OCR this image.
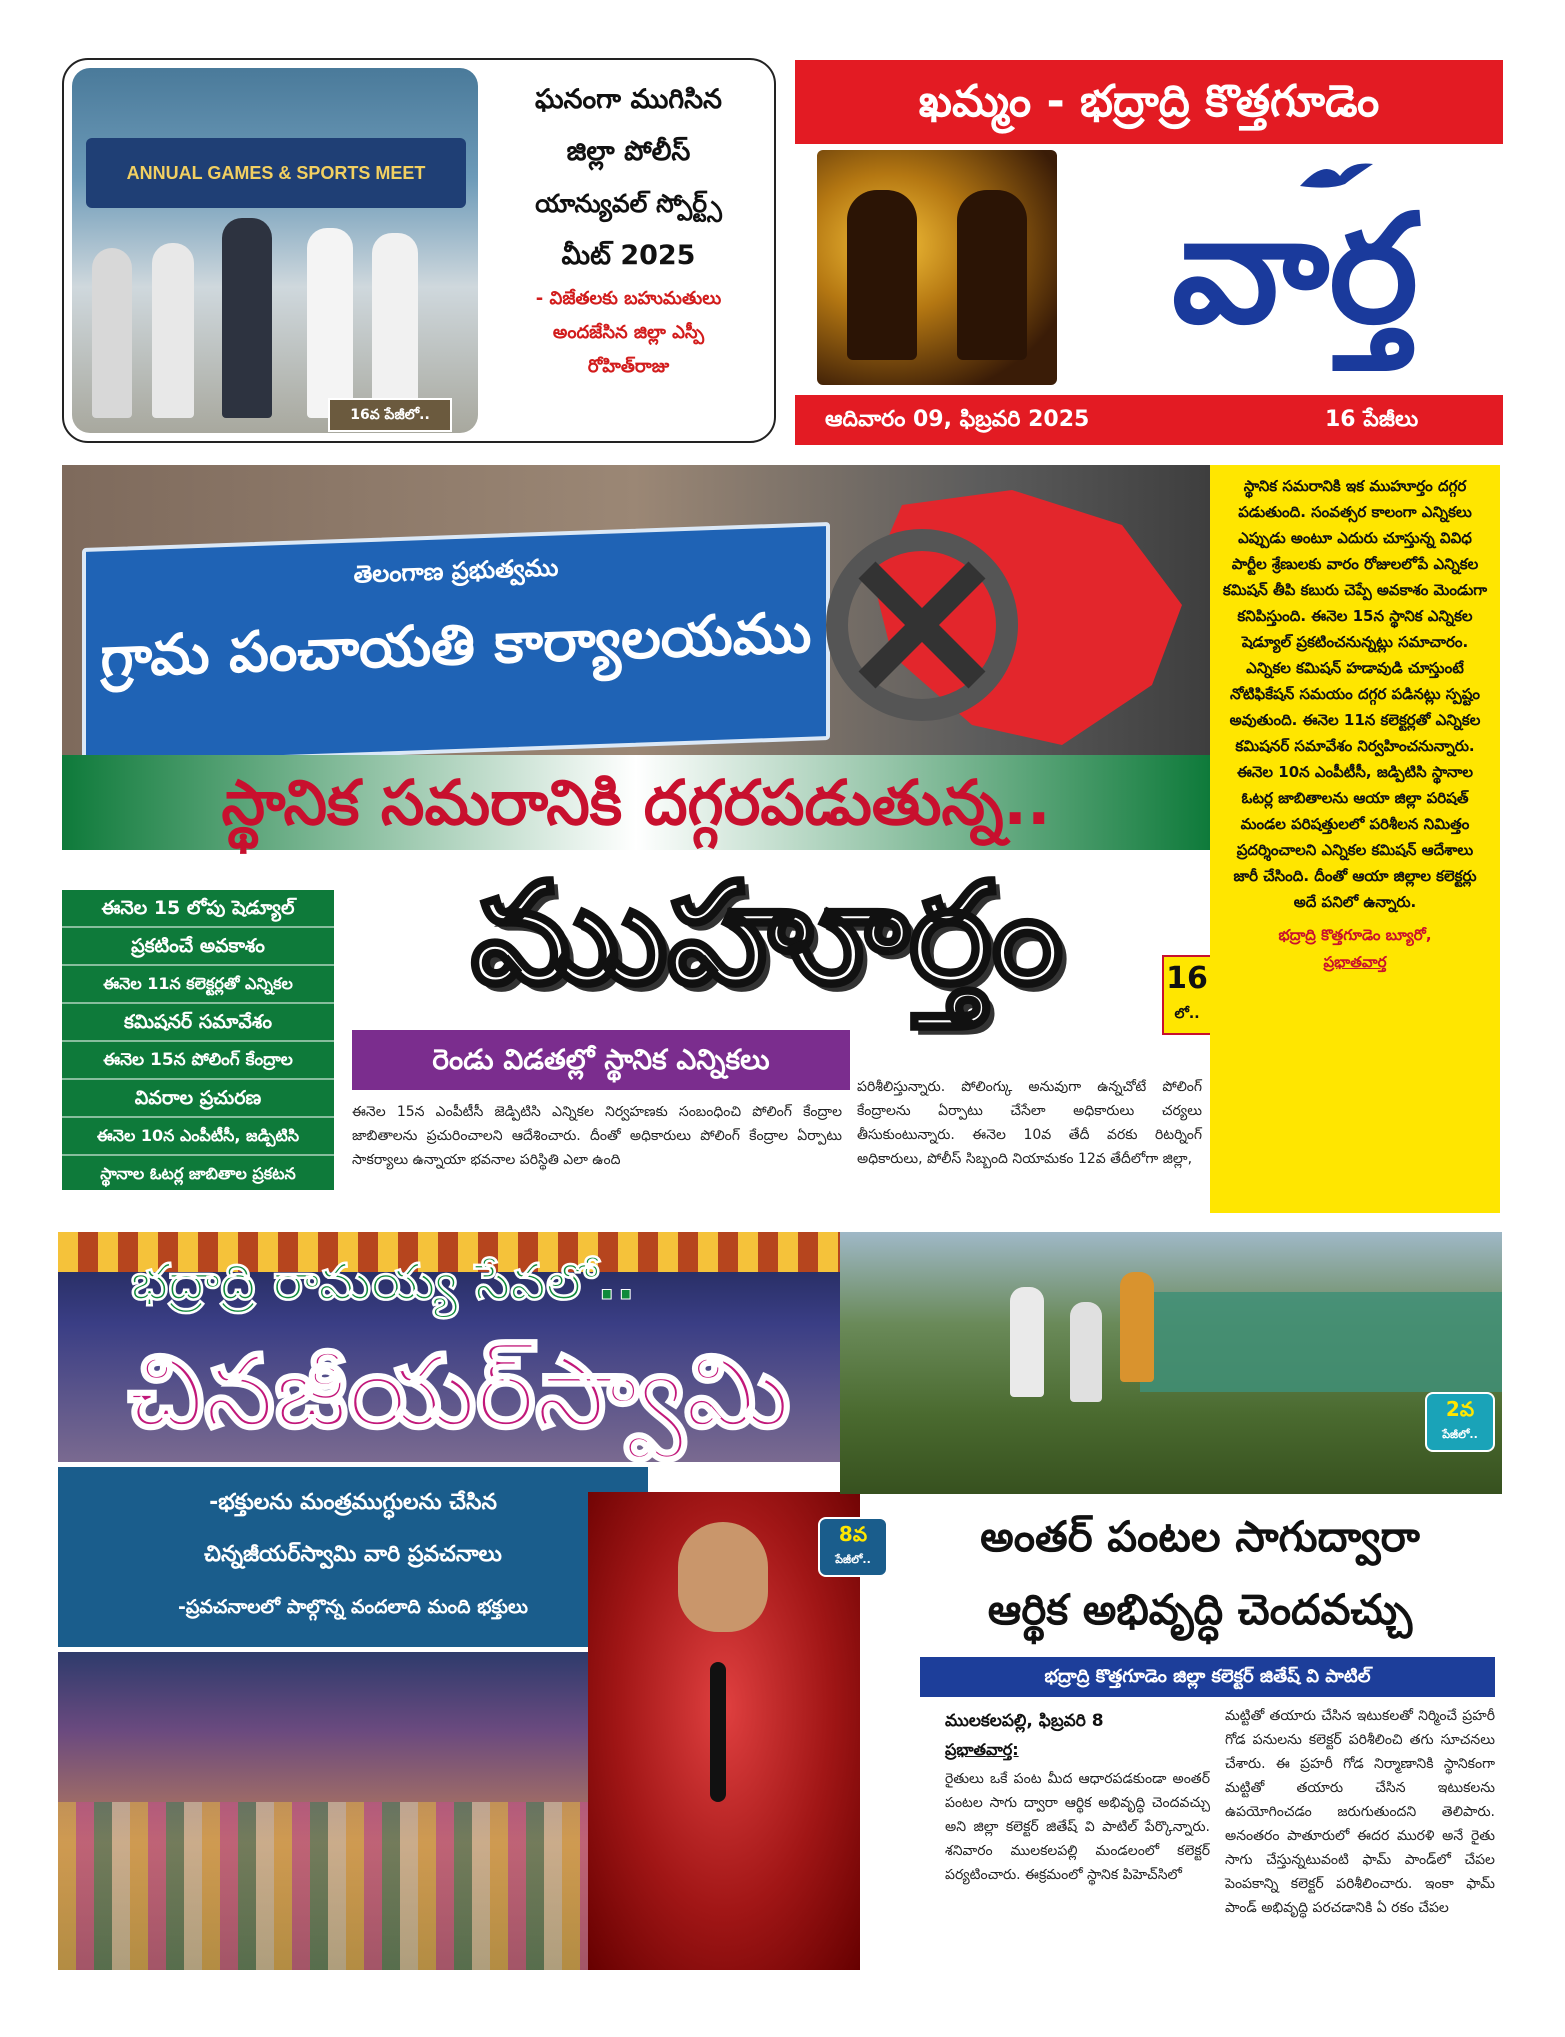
ANNUAL GAMES & SPORTS MEET
16వ పేజీలో..
ఘనంగా ముగిసిన
జిల్లా పోలీస్
యాన్యువల్ స్పోర్ట్స్
మీట్ 2025
- విజేతలకు బహుమతులు
అందజేసిన జిల్లా ఎస్పీ
రోహిత్‌రాజు
ఖమ్మం - భద్రాద్రి కొత్తగూడెం
వార్త
ఆదివారం 09, ఫిబ్రవరి 2025	16 పేజీలు
తెలంగాణ ప్రభుత్వము
గ్రామ పంచాయతి కార్యాలయము
స్థానిక సమరానికి దగ్గరపడుతున్న..
ఈనెల 15 లోపు షెడ్యూల్
ప్రకటించే అవకాశం
ఈనెల 11న కలెక్టర్లతో ఎన్నికల
కమిషనర్ సమావేశం
ఈనెల 15న పోలింగ్ కేంద్రాల
వివరాల ప్రచురణ
ఈనెల 10న ఎంపీటీసీ, జడ్పిటిసి
స్థానాల ఓటర్ల జాబితాల ప్రకటన
ముహూర్తం	16
లో..
రెండు విడతల్లో స్థానిక ఎన్నికలు
ఈనెల 15న ఎంపీటీసీ జెడ్పిటిసి ఎన్నికల నిర్వహణకు సంబంధించి పోలింగ్ కేంద్రాల జాబితాలను ప్రచురించాలని ఆదేశించారు. దీంతో అధికారులు పోలింగ్ కేంద్రాల ఏర్పాటు సాకర్యాలు ఉన్నాయా భవనాల పరిస్థితి ఎలా ఉంది
పరిశీలిస్తున్నారు. పోలింగ్కు అనువుగా ఉన్నచోటే పోలింగ్ కేంద్రాలను ఏర్పాటు చేసేలా అధికారులు చర్యలు తీసుకుంటున్నారు. ఈనెల 10వ తేదీ వరకు రిటర్నింగ్ అధికారులు, పోలీస్ సిబ్బంది నియామకం 12వ తేదీలోగా జిల్లా,
స్థానిక సమరానికి ఇక ముహూర్తం దగ్గర పడుతుంది. సంవత్సర కాలంగా ఎన్నికలు ఎప్పుడు అంటూ ఎదురు చూస్తున్న వివిధ పార్టీల శ్రేణులకు వారం రోజులలోపే ఎన్నికల కమిషన్ తీపి కబురు చెప్పే అవకాశం మెండుగా కనిపిస్తుంది. ఈనెల 15న స్థానిక ఎన్నికల షెడ్యూల్ ప్రకటించనున్నట్లు సమాచారం. ఎన్నికల కమిషన్ హడావుడి చూస్తుంటే నోటిఫికేషన్ సమయం దగ్గర పడినట్లు స్పష్టం అవుతుంది. ఈనెల 11న కలెక్టర్లతో ఎన్నికల కమిషనర్ సమావేశం నిర్వహించనున్నారు. ఈనెల 10న ఎంపీటీసీ, జడ్పిటిసి స్థానాల ఓటర్ల జాబితాలను ఆయా జిల్లా పరిషత్ మండల పరిషత్తులలో పరిశీలన నిమిత్తం ప్రదర్శించాలని ఎన్నికల కమిషన్ ఆదేశాలు జారీ చేసింది. దీంతో ఆయా జిల్లాల కలెక్టర్లు అదే పనిలో ఉన్నారు.
భద్రాద్రి కొత్తగూడెం బ్యూరో,
ప్రభాతవార్త
భద్రాద్రి రామయ్య సేవలో..
చినజీయర్‌స్వామి
-భక్తులను మంత్రముగ్ధులను చేసిన
చిన్నజీయర్‌స్వామి వారి ప్రవచనాలు
-ప్రవచనాలలో పాల్గొన్న వందలాది మంది భక్తులు
8వ
పేజీలో..
2వ
పేజీలో..
అంతర్ పంటల సాగుద్వారా
ఆర్థిక అభివృద్ధి చెందవచ్చు
భద్రాద్రి కొత్తగూడెం జిల్లా కలెక్టర్ జితేష్ వి పాటిల్
ములకలపల్లి, ఫిబ్రవరి 8
ప్రభాతవార్త:
రైతులు ఒకే పంట మీద ఆధారపడకుండా అంతర్ పంటల సాగు ద్వారా ఆర్థిక అభివృద్ధి చెందవచ్చు అని జిల్లా కలెక్టర్ జితేష్ వి పాటిల్ పేర్కొన్నారు. శనివారం ములకలపల్లి మండలంలో కలెక్టర్ పర్యటించారు. ఈక్రమంలో స్థానిక పిహెచ్‌సిలో
మట్టితో తయారు చేసిన ఇటుకలతో నిర్మించే ప్రహరీ గోడ పనులను కలెక్టర్ పరిశీలించి తగు సూచనలు చేశారు. ఈ ప్రహరీ గోడ నిర్మాణానికి స్థానికంగా మట్టితో తయారు చేసిన ఇటుకలను ఉపయోగించడం జరుగుతుందని తెలిపారు. అనంతరం పాతూరులో ఈదర మురళి అనే రైతు సాగు చేస్తున్నటువంటి ఫామ్ పాండ్‌లో చేపల పెంపకాన్ని కలెక్టర్ పరిశీలించారు. ఇంకా ఫామ్ పాండ్ అభివృద్ధి పరచడానికి ఏ రకం చేపల
